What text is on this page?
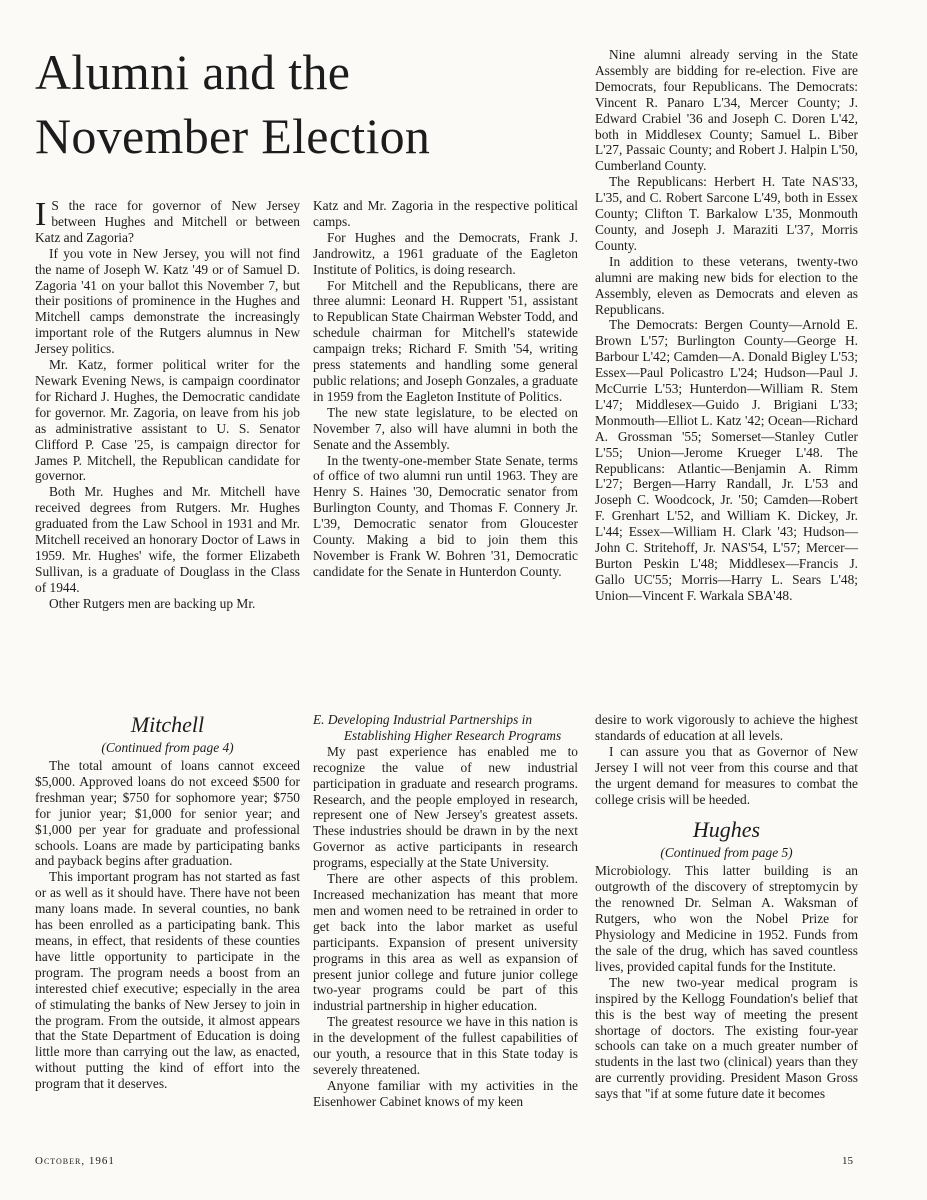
Alumni and the November Election

I S the race for governor of New Jersey between Hughes and Mitchell or between Katz and Zagoria?

If you vote in New Jersey, you will not find the name of Joseph W. Katz '49 or of Samuel D. Zagoria '41 on your ballot this November 7, but their positions of prominence in the Hughes and Mitchell camps demonstrate the increasingly important role of the Rutgers alumnus in New Jersey politics.

Mr. Katz, former political writer for the Newark Evening News, is campaign coordinator for Richard J. Hughes, the Democratic candidate for governor. Mr. Zagoria, on leave from his job as administrative assistant to U. S. Senator Clifford P. Case '25, is campaign director for James P. Mitchell, the Republican candidate for governor.

Both Mr. Hughes and Mr. Mitchell have received degrees from Rutgers. Mr. Hughes graduated from the Law School in 1931 and Mr. Mitchell received an honorary Doctor of Laws in 1959. Mr. Hughes' wife, the former Elizabeth Sullivan, is a graduate of Douglass in the Class of 1944.

Other Rutgers men are backing up Mr.

Katz and Mr. Zagoria in the respective political camps.

For Hughes and the Democrats, Frank J. Jandrowitz, a 1961 graduate of the Eagleton Institute of Politics, is doing research.

For Mitchell and the Republicans, there are three alumni: Leonard H. Ruppert '51, assistant to Republican State Chairman Webster Todd, and schedule chairman for Mitchell's statewide campaign treks; Richard F. Smith '54, writing press statements and handling some general public relations; and Joseph Gonzales, a graduate in 1959 from the Eagleton Institute of Politics.

The new state legislature, to be elected on November 7, also will have alumni in both the Senate and the Assembly.

In the twenty-one-member State Senate, terms of office of two alumni run until 1963. They are Henry S. Haines '30, Democratic senator from Burlington County, and Thomas F. Connery Jr. L'39, Democratic senator from Gloucester County. Making a bid to join them this November is Frank W. Bohren '31, Democratic candidate for the Senate in Hunterdon County.

Nine alumni already serving in the State Assembly are bidding for re-election. Five are Democrats, four Republicans. The Democrats: Vincent R. Panaro L'34, Mercer County; J. Edward Crabiel '36 and Joseph C. Doren L'42, both in Middlesex County; Samuel L. Biber L'27, Passaic County; and Robert J. Halpin L'50, Cumberland County.

The Republicans: Herbert H. Tate NAS'33, L'35, and C. Robert Sarcone L'49, both in Essex County; Clifton T. Barkalow L'35, Monmouth County, and Joseph J. Maraziti L'37, Morris County.

In addition to these veterans, twenty-two alumni are making new bids for election to the Assembly, eleven as Democrats and eleven as Republicans.

The Democrats: Bergen County—Arnold E. Brown L'57; Burlington County—George H. Barbour L'42; Camden—A. Donald Bigley L'53; Essex—Paul Policastro L'24; Hudson—Paul J. McCurrie L'53; Hunterdon—William R. Stem L'47; Middlesex—Guido J. Brigiani L'33; Monmouth—Elliot L. Katz '42; Ocean—Richard A. Grossman '55; Somerset—Stanley Cutler L'55; Union—Jerome Krueger L'48. The Republicans: Atlantic—Benjamin A. Rimm L'27; Bergen—Harry Randall, Jr. L'53 and Joseph C. Woodcock, Jr. '50; Camden—Robert F. Grenhart L'52, and William K. Dickey, Jr. L'44; Essex—William H. Clark '43; Hudson—John C. Stritehoff, Jr. NAS'54, L'57; Mercer—Burton Peskin L'48; Middlesex—Francis J. Gallo UC'55; Morris—Harry L. Sears L'48; Union—Vincent F. Warkala SBA'48.

Mitchell
(Continued from page 4)

The total amount of loans cannot exceed $5,000. Approved loans do not exceed $500 for freshman year; $750 for sophomore year; $750 for junior year; $1,000 for senior year; and $1,000 per year for graduate and professional schools. Loans are made by participating banks and payback begins after graduation.

This important program has not started as fast or as well as it should have. There have not been many loans made. In several counties, no bank has been enrolled as a participating bank. This means, in effect, that residents of these counties have little opportunity to participate in the program. The program needs a boost from an interested chief executive; especially in the area of stimulating the banks of New Jersey to join in the program. From the outside, it almost appears that the State Department of Education is doing little more than carrying out the law, as enacted, without putting the kind of effort into the program that it deserves.

E. Developing Industrial Partnerships in

Establishing Higher Research Programs

My past experience has enabled me to recognize the value of new industrial participation in graduate and research programs. Research, and the people employed in research, represent one of New Jersey's greatest assets. These industries should be drawn in by the next Governor as active participants in research programs, especially at the State University.

There are other aspects of this problem. Increased mechanization has meant that more men and women need to be retrained in order to get back into the labor market as useful participants. Expansion of present university programs in this area as well as expansion of present junior college and future junior college two-year programs could be part of this industrial partnership in higher education.

The greatest resource we have in this nation is in the development of the fullest capabilities of our youth, a resource that in this State today is severely threatened.

Anyone familiar with my activities in the Eisenhower Cabinet knows of my keen

desire to work vigorously to achieve the highest standards of education at all levels.

I can assure you that as Governor of New Jersey I will not veer from this course and that the urgent demand for measures to combat the college crisis will be heeded.

Hughes
(Continued from page 5)

Microbiology. This latter building is an outgrowth of the discovery of streptomycin by the renowned Dr. Selman A. Waksman of Rutgers, who won the Nobel Prize for Physiology and Medicine in 1952. Funds from the sale of the drug, which has saved countless lives, provided capital funds for the Institute.

The new two-year medical program is inspired by the Kellogg Foundation's belief that this is the best way of meeting the present shortage of doctors. The existing four-year schools can take on a much greater number of students in the last two (clinical) years than they are currently providing. President Mason Gross says that "if at some future date it becomes

October, 1961	15
